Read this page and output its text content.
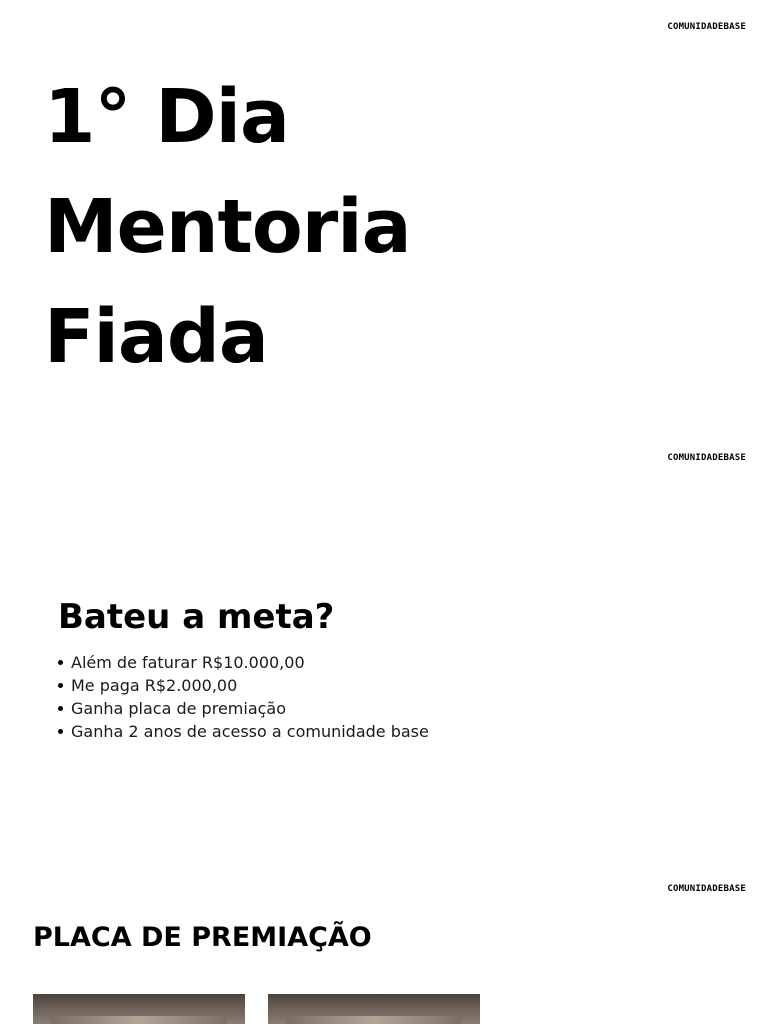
COMUNIDADEBASE
1° Dia
Mentoria
Fiada
COMUNIDADEBASE
Bateu a meta?
Além de faturar R$10.000,00
Me paga R$2.000,00
Ganha placa de premiação
Ganha 2 anos de acesso a comunidade base
COMUNIDADEBASE
PLACA DE PREMIAÇÃO
